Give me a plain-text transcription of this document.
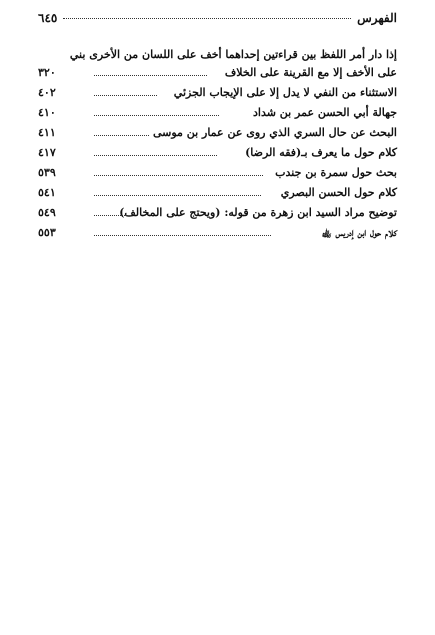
الفهرس
٦٤٥
إذا دار أمر اللفظ بين قراءتين إحداهما أخف على اللسان من الأخرى بني
على الأخف إلا مع القرينة على الخلاف
٣٢٠
الاستثناء من النفي لا يدل إلا على الإيجاب الجزئي
٤٠٢
جهالة أبي الحسن عمر بن شداد
٤١٠
البحث عن حال السري الذي روى عن عمار بن موسى
٤١١
كلام حول ما يعرف بـ(فقه الرضا)
٤١٧
بحث حول سمرة بن جندب
٥٣٩
كلام حول الحسن البصري
٥٤١
توضيح مراد السيد ابن زهرة من قوله: (ويحتج على المخالف)
٥٤٩
كلام حول ابن إدريس ﵀
٥٥٣
